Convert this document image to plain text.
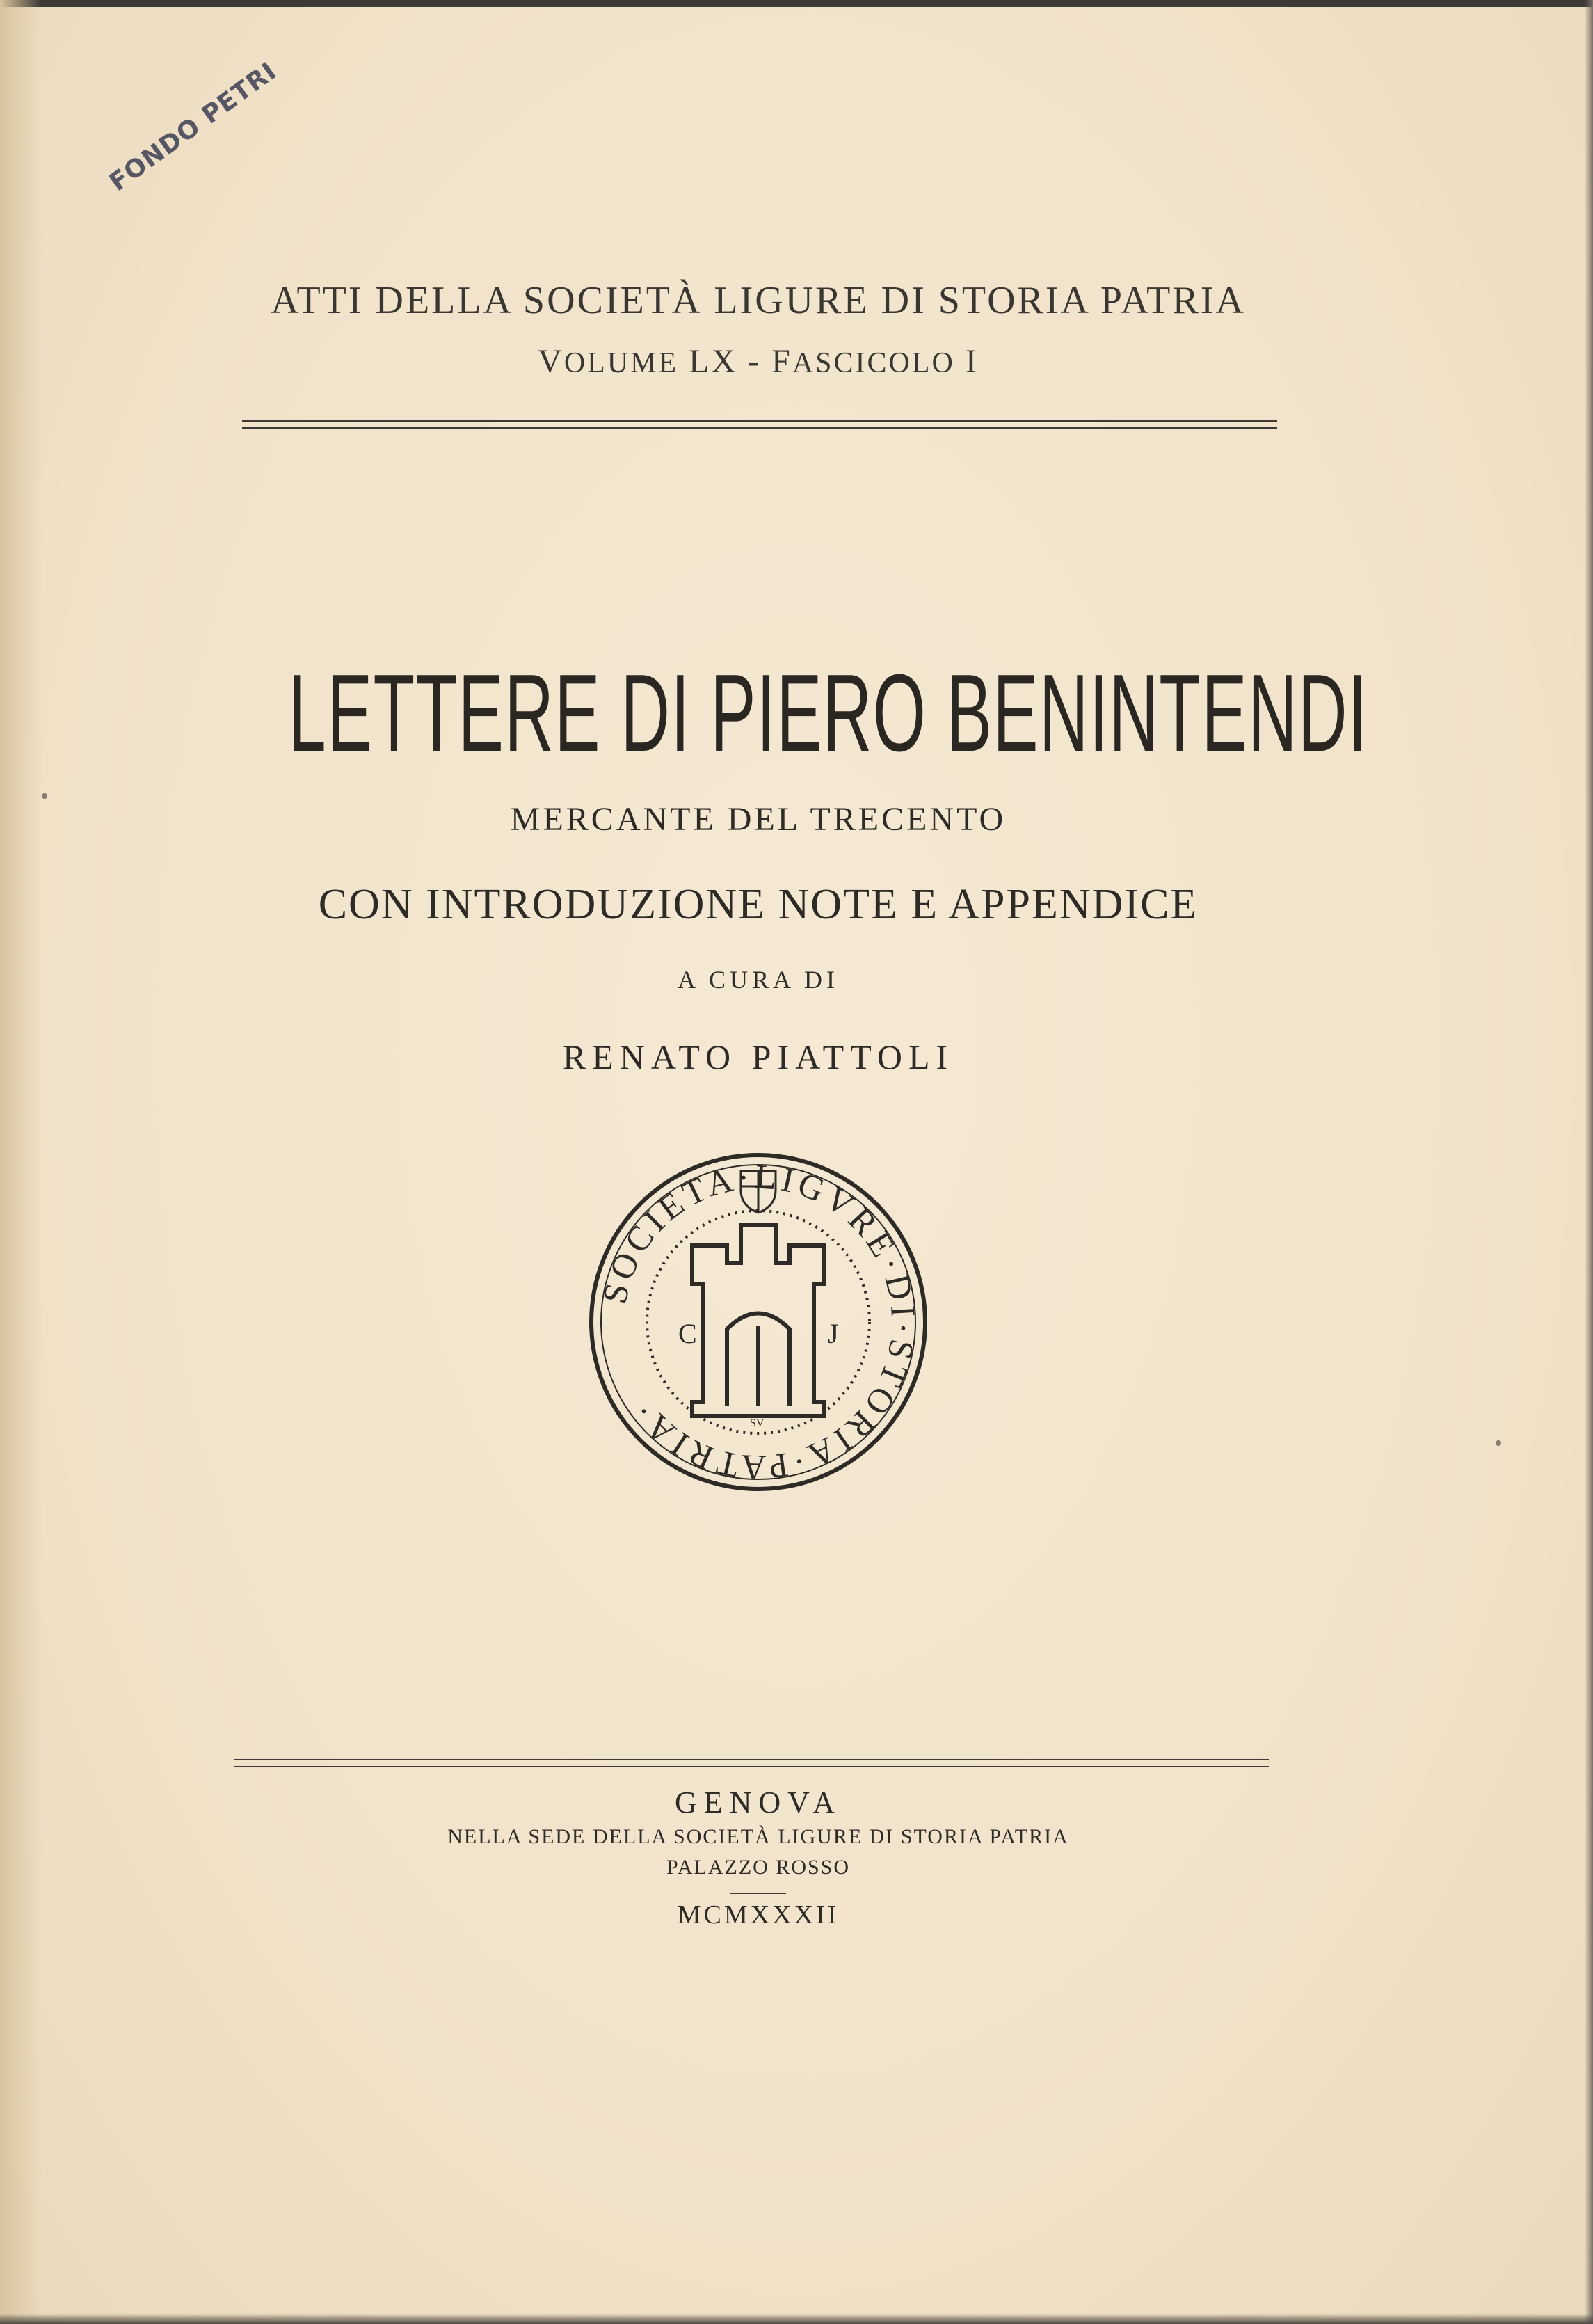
FONDO PETRI
ATTI DELLA SOCIETÀ LIGURE DI STORIA PATRIA
VOLUME LX - FASCICOLO I
LETTERE DI PIERO BENINTENDI
MERCANTE DEL TRECENTO
CON INTRODUZIONE NOTE E APPENDICE
A CURA DI
RENATO PIATTOLI
SOCIETA·LIGVRE·DI·STORIA·PATRIA·
C	J
SV
GENOVA
NELLA SEDE DELLA SOCIETÀ LIGURE DI STORIA PATRIA
PALAZZO ROSSO
MCMXXXII
